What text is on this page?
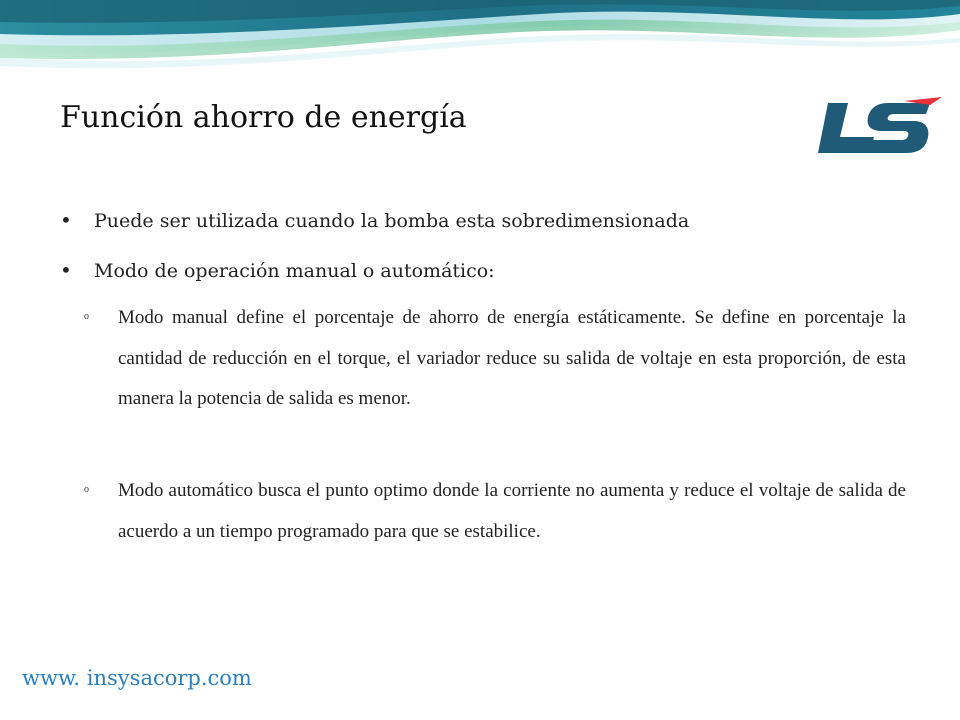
Función ahorro de energía
• Puede ser utilizada cuando la bomba esta sobredimensionada
• Modo de operación manual o automático:
o Modo manual define el porcentaje de ahorro de energía estáticamente. Se define en porcentaje la cantidad de reducción en el torque, el variador reduce su salida de voltaje en esta proporción, de esta manera la potencia de salida es menor.
o Modo automático busca el punto optimo donde la corriente no aumenta y reduce el voltaje de salida de acuerdo a un tiempo programado para que se estabilice.
www. insysacorp.com
